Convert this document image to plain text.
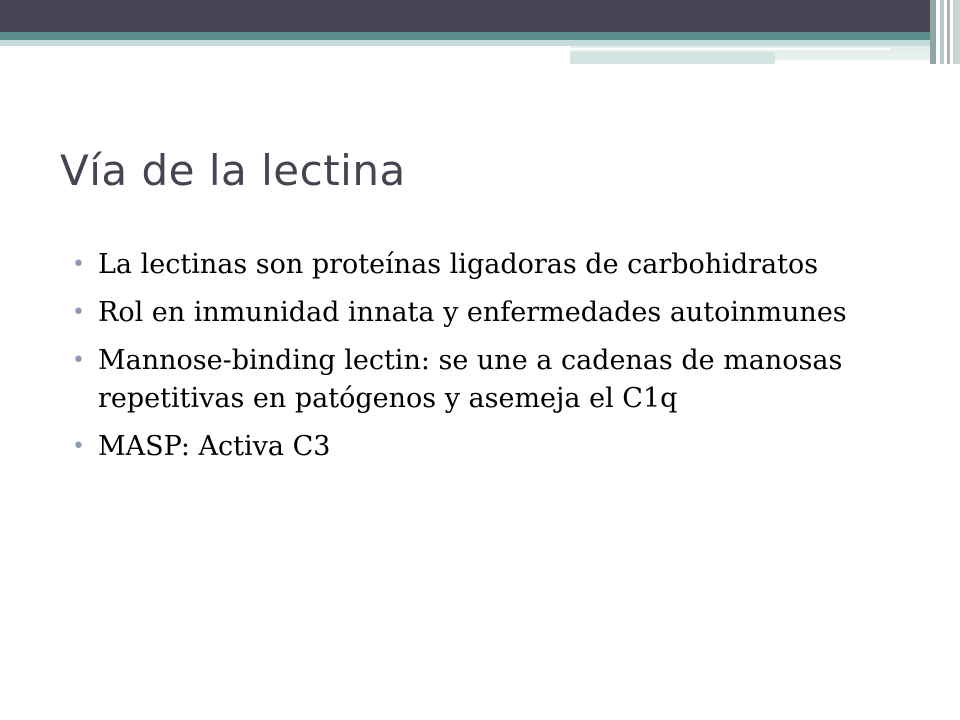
Vía de la lectina
• La lectinas son proteínas ligadoras de carbohidratos
• Rol en inmunidad innata y enfermedades autoinmunes
• Mannose-binding lectin: se une a cadenas de manosas repetitivas en patógenos y asemeja el C1q
• MASP: Activa C3
